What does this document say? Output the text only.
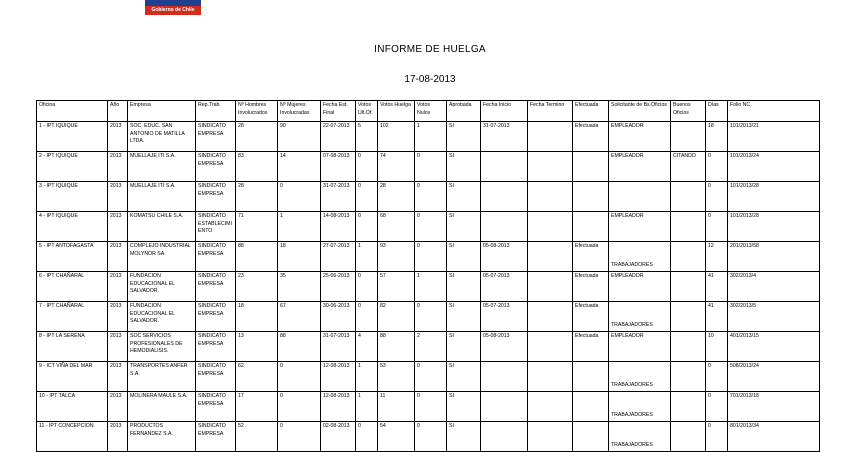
Gobierno de Chile
INFORME DE HUELGA
17-08-2013
Oficina	Año	Empresa	Rep.Trab.	Nº Hombres Involucrados	Nº Mujeres Involucradas	Fecha Est. Final	Votos Ult.Of.	Votos Huelga	Votos Nulos	Aprobada	Fecha Inicio	Fecha Termino	Efectuada	Solicitante de Bs.Oficios	Buenos Oficios	Días	Folio NC
1 - IPT IQUIQUE	2013	SOC. EDUC. SAN ANTONIO DE MATILLA LTDA.	SINDICATO EMPRESA	28	90	22-07-2013	5	102	1	SI	31-07-2013		Efectuada	EMPLEADOR		18	101/2013/21
2 - IPT IQUIQUE	2013	MUELLAJE ITI S.A.	SINDICATO EMPRESA	83	14	07-08-2013	0	74	0	SI				EMPLEADOR	CITANDO	0	101/2013/24
3 - IPT IQUIQUE	2013	MUELLAJE ITI S.A.	SINDICATO EMPRESA	28	0	31-07-2013	0	28	0	SI						0	101/2013/28
4 - IPT IQUIQUE	2013	KOMATSU CHILE S.A.	SINDICATO ESTABLECIMIENTO	71	1	14-08-2013	0	68	0	SI				EMPLEADOR		0	101/2013/28
5 - IPT ANTOFAGASTA	2013	COMPLEJO INDUSTRIAL MOLYNOR SA.	SINDICATO EMPRESA	88	18	27-07-2013	1	93	0	SI	05-08-2013		Efectuada	TRABAJADORES		12	201/2013/58
6 - IPT CHAÑARAL	2013	FUNDACION EDUCACIONAL EL SALVADOR.	SINDICATO EMPRESA	23	35	25-06-2013	0	57	1	SI	05-07-2013		Efectuada	EMPLEADOR		41	302/2013/4
7 - IPT CHAÑARAL	2013	FUNDACION EDUCACIONAL EL SALVADOR.	SINDICATO EMPRESA	18	67	30-06-2013	0	82	0	SI	05-07-2013		Efectuada	TRABAJADORES		41	302/2013/5
8 - IPT LA SERENA	2013	SOC SERVICIOS PROFESIONALES DE HEMODIALISIS.	SINDICATO EMPRESA	13	88	31-07-2013	4	88	2	SI	05-08-2013		Efectuada	EMPLEADOR		10	401/2013/15
9 - ICT VIÑA DEL MAR	2013	TRANSPORTES ANFER S.A.	SINDICATO EMPRESA	62	0	12-08-2013	1	53	0	SI				TRABAJADORES		0	508/2013/24
10 - IPT TALCA	2013	MOLINERA MAULE S.A.	SINDICATO EMPRESA	17	0	12-08-2013	1	11	0	SI				TRABAJADORES		0	701/2013/18
11 - IPT CONCEPCION	2013	PRODUCTOS FERNANDEZ S.A.	SINDICATO EMPRESA	52	0	02-08-2013	0	54	0	SI				TRABAJADORES		0	801/2013/34
